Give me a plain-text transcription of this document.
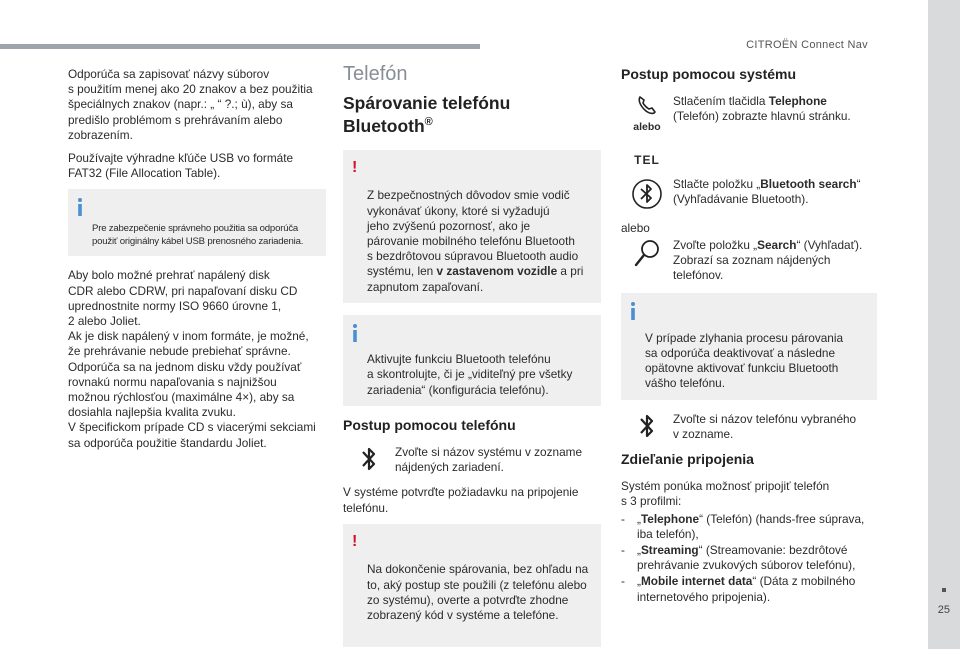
CITROËN Connect Nav
25

Odporúča sa zapisovať názvy súborov
s použitím menej ako 20 znakov a bez použitia
špeciálnych znakov (napr.: „ “ ?.; ù), aby sa
predišlo problémom s prehrávaním alebo
zobrazením.

Používajte výhradne kľúče USB vo formáte
FAT32 (File Allocation Table).

Pre zabezpečenie správneho použitia sa odporúča
použiť originálny kábel USB prenosného zariadenia.

Aby bolo možné prehrať napálený disk
CDR alebo CDRW, pri napaľovaní disku CD
uprednostnite normy ISO 9660 úrovne 1,
2 alebo Joliet.
Ak je disk napálený v inom formáte, je možné,
že prehrávanie nebude prebiehať správne.
Odporúča sa na jednom disku vždy používať
rovnakú normu napaľovania s najnižšou
možnou rýchlosťou (maximálne 4×), aby sa
dosiahla najlepšia kvalita zvuku.
V špecifickom prípade CD s viacerými sekciami
sa odporúča použitie štandardu Joliet.

Telefón
Spárovanie telefónu
Bluetooth®

!

Z bezpečnostných dôvodov smie vodič
vykonávať úkony, ktoré si vyžadujú
jeho zvýšenú pozornosť, ako je
párovanie mobilného telefónu Bluetooth
s bezdrôtovou súpravou Bluetooth audio
systému, len v zastavenom vozidle a pri
zapnutom zapaľovaní.

Aktivujte funkciu Bluetooth telefónu
a skontrolujte, či je „viditeľný pre všetky
zariadenia“ (konfigurácia telefónu).

Postup pomocou telefónu
Zvoľte si názov systému v zozname
nájdených zariadení.

V systéme potvrďte požiadavku na pripojenie
telefónu.

!

Na dokončenie spárovania, bez ohľadu na
to, aký postup ste použili (z telefónu alebo
zo systému), overte a potvrďte zhodne
zobrazený kód v systéme a telefóne.

Postup pomocou systému
alebo
TEL
Stlačením tlačidla Telephone
(Telefón) zobrazte hlavnú stránku.
Stlačte položku „Bluetooth search“
(Vyhľadávanie Bluetooth).
alebo
Zvoľte položku „Search“ (Vyhľadať).
Zobrazí sa zoznam nájdených
telefónov.

V prípade zlyhania procesu párovania
sa odporúča deaktivovať a následne
opätovne aktivovať funkciu Bluetooth
vášho telefónu.

Zvoľte si názov telefónu vybraného
v zozname.
Zdieľanie pripojenia

Systém ponúka možnosť pripojiť telefón
s 3 profilmi:

- „Telephone“ (Telefón) (hands-free súprava,
iba telefón),
- „Streaming“ (Streamovanie: bezdrôtové
prehrávanie zvukových súborov telefónu),
- „Mobile internet data“ (Dáta z mobilného
internetového pripojenia).
